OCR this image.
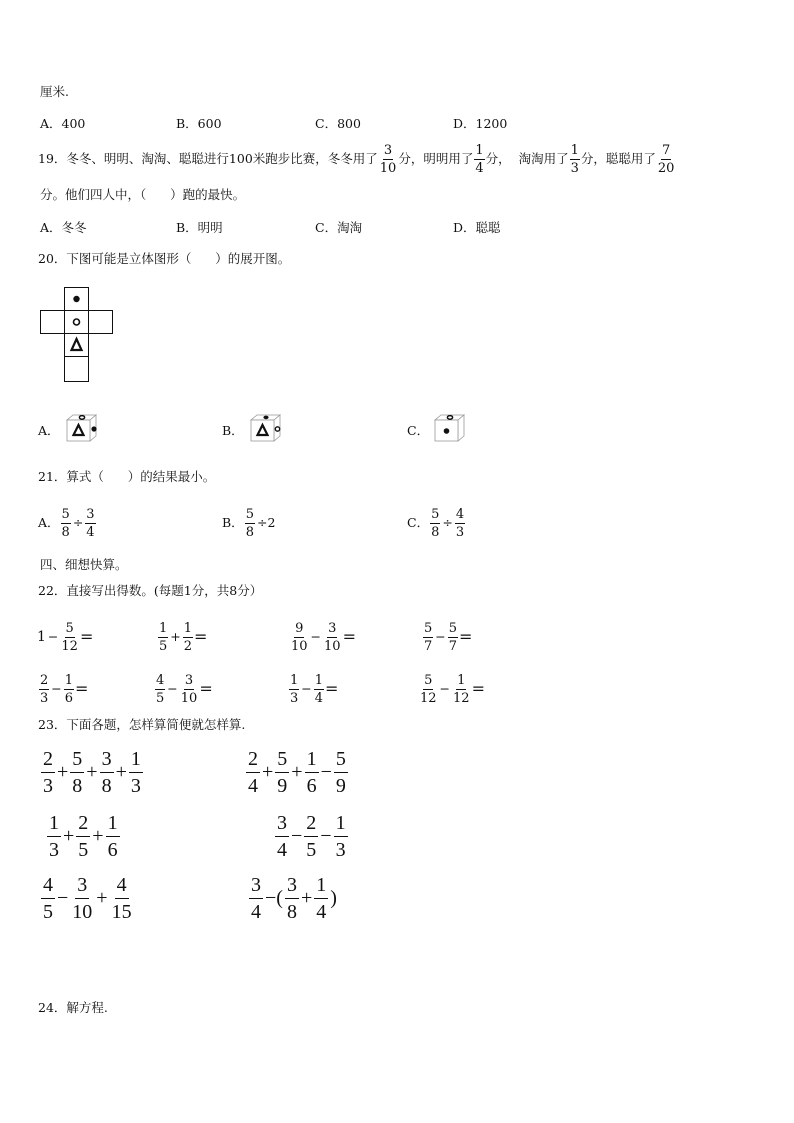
厘米.
A．400	B．600	C．800	D．1200
19． 冬冬、明明、淘淘、聪聪进行100米跑步比赛，冬冬用了 $\frac{3}{10}$ 分，明明用了 $\frac{1}{4}$ 分，  淘淘用了 $\frac{1}{3}$ 分，聪聪用了 $\frac{7}{20}$
分。他们四人中，（      ）跑的最快。
A．冬冬	B．明明	C．淘淘	D．聪聪
20．下图可能是立体图形（      ）的展开图。
A．	B．	C．
21．算式（      ）的结果最小。
A． $\frac{5}{8} \div \frac{3}{4}$	B． $\frac{5}{8} \div 2$	C． $\frac{5}{8} \div \frac{4}{3}$
四、细想快算。
22．直接写出得数。(每题1分，共8分）
$1 - \frac{5}{12}$ =	$\frac{1}{5} + \frac{1}{2}$ =	$\frac{9}{10} - \frac{3}{10}$ =	$\frac{5}{7} - \frac{5}{7}$ =
$\frac{2}{3} - \frac{1}{6}$ =	$\frac{4}{5} - \frac{3}{10}$ =	$\frac{1}{3} - \frac{1}{4}$ =	$\frac{5}{12} - \frac{1}{12}$ =
23．下面各题，怎样算简便就怎样算.
$\frac{2}{3} + \frac{5}{8} + \frac{3}{8} + \frac{1}{3}$	$\frac{2}{4} + \frac{5}{9} + \frac{1}{6} - \frac{5}{9}$
$\frac{1}{3} + \frac{2}{5} + \frac{1}{6}$	$\frac{3}{4} - \frac{2}{5} - \frac{1}{3}$
$\frac{4}{5} - \frac{3}{10} + \frac{4}{15}$	$\frac{3}{4}$ −( $\frac{3}{8} + \frac{1}{4}$ )
24．解方程.
